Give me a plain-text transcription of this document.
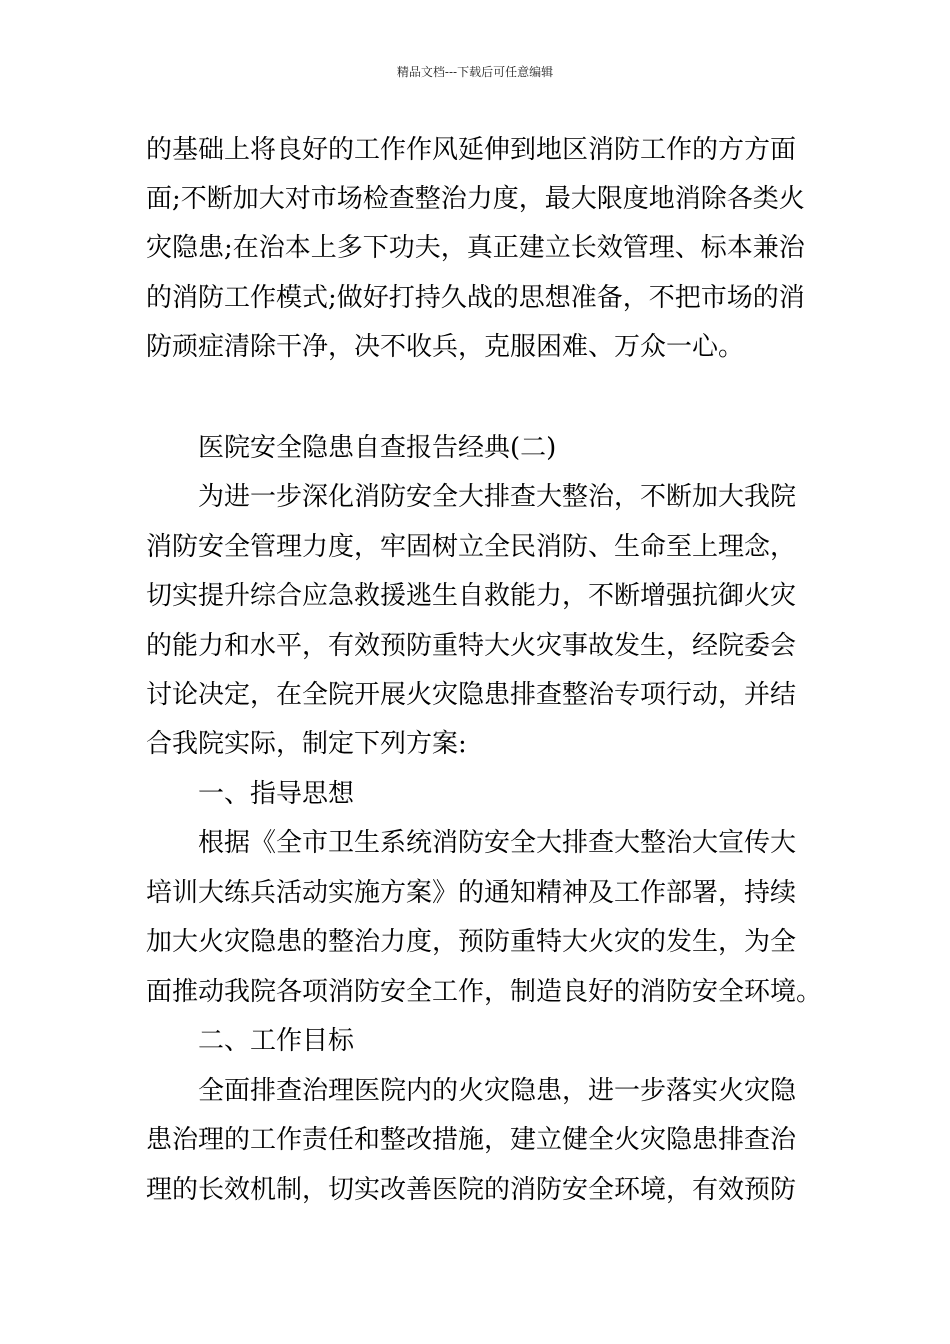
精品文档---下载后可任意编辑
的基础上将良好的工作作风延伸到地区消防工作的方方面
面;不断加大对市场检查整治力度，最大限度地消除各类火
灾隐患;在治本上多下功夫，真正建立长效管理、标本兼治
的消防工作模式;做好打持久战的思想准备，不把市场的消
防顽症清除干净，决不收兵，克服困难、万众一心。
医院安全隐患自查报告经典(二)
为进一步深化消防安全大排查大整治，不断加大我院
消防安全管理力度，牢固树立全民消防、生命至上理念，
切实提升综合应急救援逃生自救能力，不断增强抗御火灾
的能力和水平，有效预防重特大火灾事故发生，经院委会
讨论决定，在全院开展火灾隐患排查整治专项行动，并结
合我院实际，制定下列方案:
一、指导思想
根据《全市卫生系统消防安全大排查大整治大宣传大
培训大练兵活动实施方案》的通知精神及工作部署，持续
加大火灾隐患的整治力度，预防重特大火灾的发生，为全
面推动我院各项消防安全工作，制造良好的消防安全环境。
二、工作目标
全面排查治理医院内的火灾隐患，进一步落实火灾隐
患治理的工作责任和整改措施，建立健全火灾隐患排查治
理的长效机制，切实改善医院的消防安全环境，有效预防
